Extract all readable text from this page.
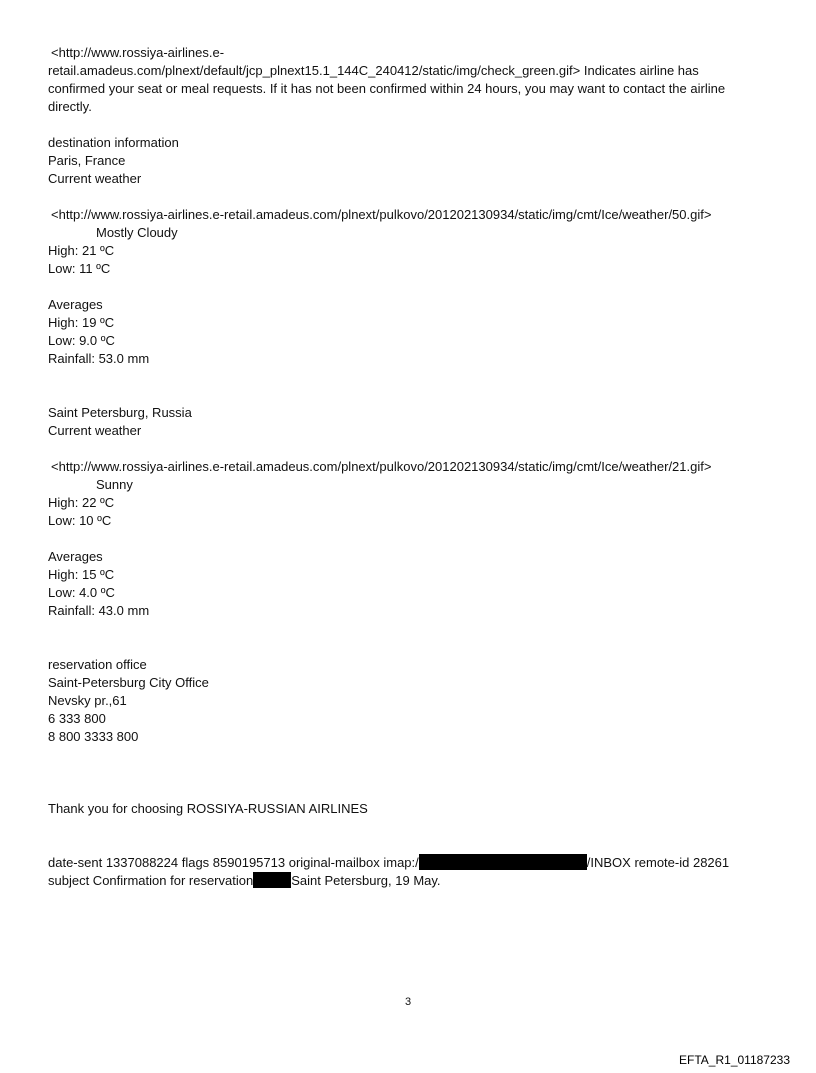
<http://www.rossiya-airlines.e-
retail.amadeus.com/plnext/default/jcp_plnext15.1_144C_240412/static/img/check_green.gif> Indicates airline has
confirmed your seat or meal requests. If it has not been confirmed within 24 hours, you may want to contact the airline
directly.
destination information
Paris, France
Current weather
<http://www.rossiya-airlines.e-retail.amadeus.com/plnext/pulkovo/201202130934/static/img/cmt/Ice/weather/50.gif>
Mostly Cloudy
High: 21 ºC
Low: 11 ºC
Averages
High: 19 ºC
Low: 9.0 ºC
Rainfall: 53.0 mm
Saint Petersburg, Russia
Current weather
<http://www.rossiya-airlines.e-retail.amadeus.com/plnext/pulkovo/201202130934/static/img/cmt/Ice/weather/21.gif>
Sunny
High: 22 ºC
Low: 10 ºC
Averages
High: 15 ºC
Low: 4.0 ºC
Rainfall: 43.0 mm
reservation office
Saint-Petersburg City Office
Nevsky pr.,61
6 333 800
8 800 3333 800
Thank you for choosing ROSSIYA-RUSSIAN AIRLINES
date-sent 1337088224 flags 8590195713 original-mailbox imap:/	/INBOX remote-id 28261
subject Confirmation for reservation	Saint Petersburg, 19 May.
3
EFTA_R1_01187233
